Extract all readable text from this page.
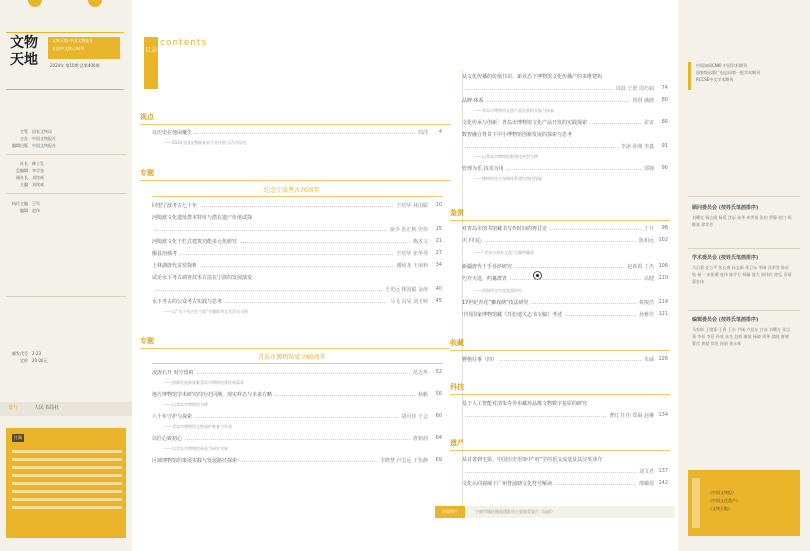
文物天地
文物天地·中国文物报社
全国中文核心期刊
2024年 第10期 总第400期
主管	国家文物局
主办	中国文物报社
编辑出版	中国文物报社
社长	柳士发
总编辑	李学良
副社长	刘铭威
主编	刘铭威
执行主编	王军
编辑	赵伟
邮发代号	2-23
定价	20.00元
发行	人民书局社
订阅
目录
contents
视点
以历史在他闲覆生	周洋	4
——2024全国文物修复展开宣传展示活动综述
专题
纪念宁波考古70周年
回望宁波考古七十年	王结华 林国聪	10
河姆渡文化遗址群本特征与潜在遗产价值试探
俞少 张正秋 史伟	15
河姆渡文化干栏式建筑功能多元化研究	梅术文	21
鄮县治城考	王结华 张华琴	27
上林湖唐代贡窑探析	谢纯龙 王丽莉	34
试论水下考古调查技术方法在宁波的发展演变
王光远 林国聪 金涛	40
水下考古的公众考古实践与思考	马飞 冯昊 刘玉婷	45
——以“水下考古在宁波”专题陈列及其活动为例
专题
青岛市博物馆成立60周年
凌涛石开 时空留痕	范志华	52
——创新发展新质素青岛市博物馆建设新篇章
地方博物馆学术研究的历史回溯、现实样态与未来方略	杨帆	56
——以青岛市博物馆为例
六十年守护与探索	胡可佳 王会	60
——青岛市博物馆文物保护修复与发展
以匠心致初心	唐铭润	64
——以青岛市博物馆展品为研究对象
区域博物馆的策展实践与发展路径探索	李晓慧 卢志远 王怡静	69
从文化传播的价值共识、新业态下博物馆文化传播产的多维建构
周晨 王蕾 周巧娟	74
品牌·体系	项琪 潘健	80
——青岛市博物馆文创产品发展的实践与探索
文化传承与创新：青岛市博物馆文化产品开发的实践探索	张寅	86
数智融合背景下中小博物馆创新发展的探索与思考
李冰 孙刚 李鑫	91
——以青岛市博物馆数智化转型为例
管理为乐 技术为用	郭锋	96
——博物馆综合保障体系建设路径探索
鉴赏
对青岛市图书馆藏书写作时间的再讨论	丁升	98
天下归心	陈相远 102
——“青岛与海外文化”古籍特藏展
新疆唐代千手菩萨研究	赵新霞 丁杰 106
巧介天选，约纂群青	高健 110
——南海珍宝鸟纹瓷器研究
17世纪青花“狮戏绣”技法研究	蔡俊浩 114
中国国家博物馆藏《苏松地关志书文稿》考述	孙雅佳 121
收藏
簪匏往事（四）	朱威 126
科技
基于人工智能对清朱寿外布藏珍品像文物数字复原的研究
曹红 任伟 郑凝 赵琳 134
遗产
从首善到宅第、中国历史语境中“府”学的语义流变及其汉英译介
刘文君 137
文化认同视阈下广州誉浦塘文化符号解读	邢曦倩 142
封面图片	宁波市城区隆起遗址出土瓷器青瓷片（局部）
中国知网CNKI 中国学术期刊
国家级出版广电总局第一批学术期刊
RCCSE中文学术期刊
顾问委员会 (按姓氏笔画排序)
刘曙光 杨志刚 杨泓 沈辰 孙华 单霁翔 张柏 罗静 宿白 胡继高 徐苹芳
学术委员会 (按姓氏笔画排序)
马自强 任万平 张长康 孙志新 张卫东 李刚 苏荣誉 陈星灿 杨一 宋新潮 庞伟 陈学方 柯嗣 盛大 郭伟民 徐弘 袁靖 霍宏伟
编辑委员会 (按姓氏笔画排序)
马家郁 王镜锋 王春 王东 尹刚 卢旭东 白冰 刘曙光 张志强 李恒 李蓓 孙欣 张先 赵辉 谢骏 杨晓 周华 徐晓 唐德 曹彦 黄超 徐坦 崔娟 黄永林
《中国文物报》
《中国文化遗产》
《文物天地》
